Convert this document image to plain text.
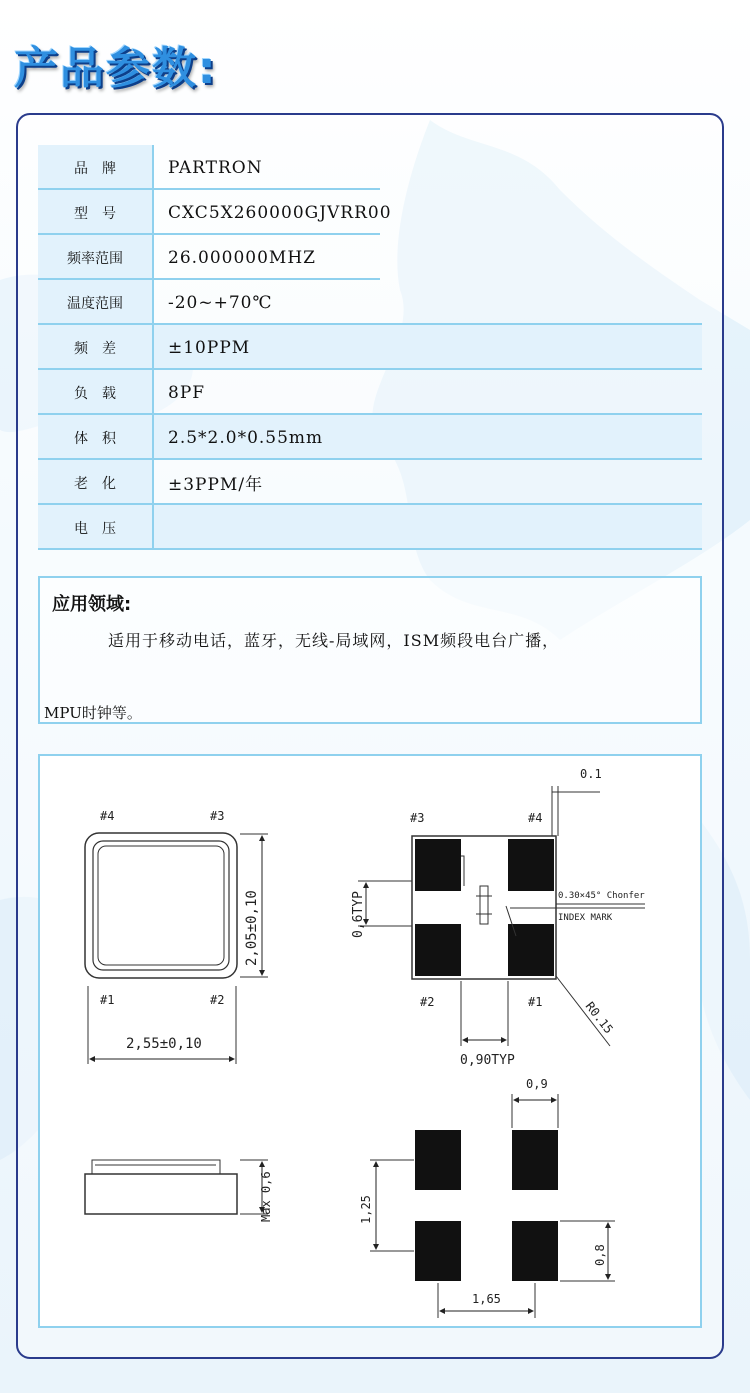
产品参数:
品　牌	PARTRON
型　号	CXC5X260000GJVRR00
频率范围	26.000000MHZ
温度范围	-20~+70℃
频　差	±10PPM
负　载	8PF
体　积	2.5*2.0*0.55mm
老　化	±3PPM/年
电　压
应用领域:
适用于移动电话，蓝牙，无线-局域网，ISM频段电台广播，
MPU时钟等。
#4	#3
#1	#2
2,55±0,10
2,05±0,10
Max 0,6
#3	#4
#2	#1
0.1
0,6TYP
0,90TYP
0.30×45° Chonfer
INDEX MARK
R0.15
0,9
1,25
0,8
1,65
